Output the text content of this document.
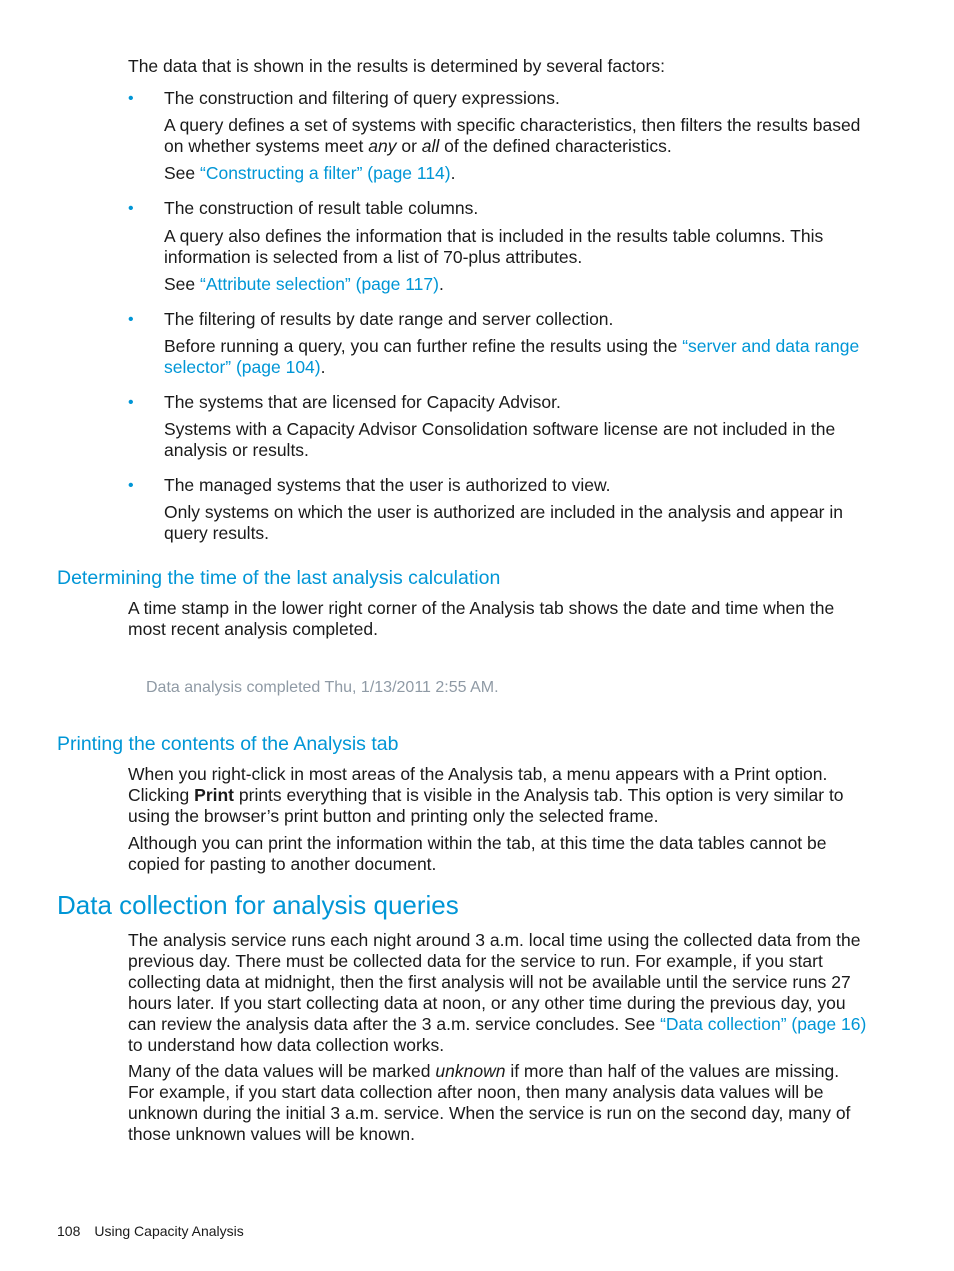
The data that is shown in the results is determined by several factors:

• The construction and filtering of query expressions.

A query defines a set of systems with specific characteristics, then filters the results based on whether systems meet any or all of the defined characteristics.

See “Constructing a filter” (page 114).

• The construction of result table columns.

A query also defines the information that is included in the results table columns. This information is selected from a list of 70-plus attributes.

See “Attribute selection” (page 117).

• The filtering of results by date range and server collection.

Before running a query, you can further refine the results using the “server and data range selector” (page 104).

• The systems that are licensed for Capacity Advisor.

Systems with a Capacity Advisor Consolidation software license are not included in the analysis or results.

• The managed systems that the user is authorized to view.

Only systems on which the user is authorized are included in the analysis and appear in query results.

Determining the time of the last analysis calculation

A time stamp in the lower right corner of the Analysis tab shows the date and time when the most recent analysis completed.

Data analysis completed Thu, 1/13/2011 2:55 AM.
Printing the contents of the Analysis tab

When you right-click in most areas of the Analysis tab, a menu appears with a Print option. Clicking Print prints everything that is visible in the Analysis tab. This option is very similar to using the browser’s print button and printing only the selected frame.

Although you can print the information within the tab, at this time the data tables cannot be copied for pasting to another document.

Data collection for analysis queries

The analysis service runs each night around 3 a.m. local time using the collected data from the previous day. There must be collected data for the service to run. For example, if you start collecting data at midnight, then the first analysis will not be available until the service runs 27 hours later. If you start collecting data at noon, or any other time during the previous day, you can review the analysis data after the 3 a.m. service concludes. See “Data collection” (page 16) to understand how data collection works.

Many of the data values will be marked unknown if more than half of the values are missing. For example, if you start data collection after noon, then many analysis data values will be unknown during the initial 3 a.m. service. When the service is run on the second day, many of those unknown values will be known.

108 Using Capacity Analysis
